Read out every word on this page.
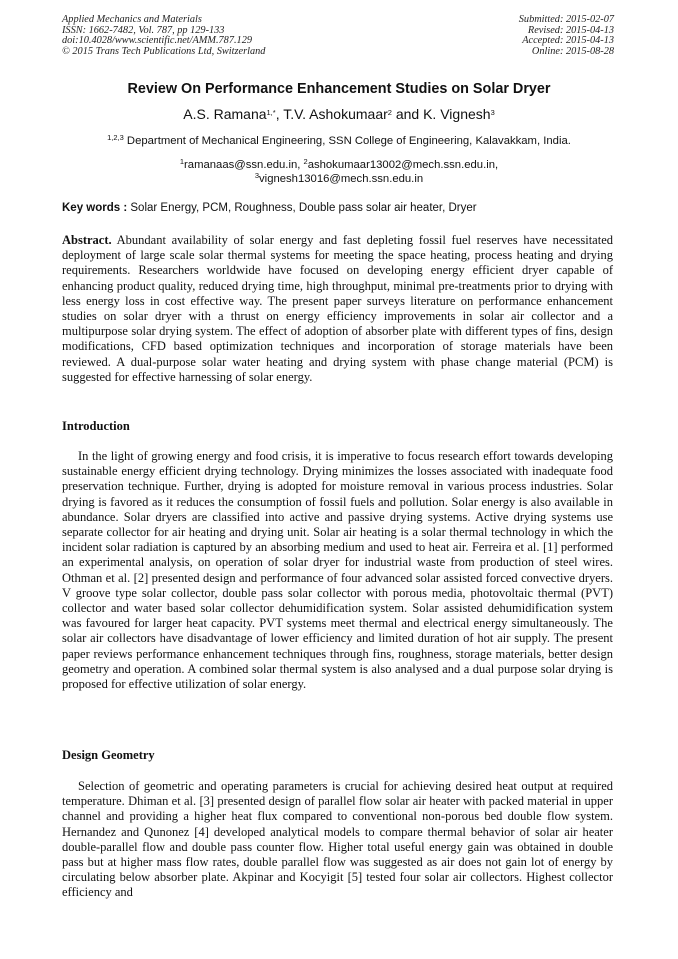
Applied Mechanics and Materials
ISSN: 1662-7482, Vol. 787, pp 129-133
doi:10.4028/www.scientific.net/AMM.787.129
© 2015 Trans Tech Publications Ltd, Switzerland
Submitted: 2015-02-07
Revised: 2015-04-13
Accepted: 2015-04-13
Online: 2015-08-28
Review On Performance Enhancement Studies on Solar Dryer
A.S. Ramana$^{1,*}$, T.V. Ashokumaar$^2$ and K. Vignesh$^3$
$^{1,2,3}$ Department of Mechanical Engineering, SSN College of Engineering, Kalavakkam, India.
$^1$ramanaas@ssn.edu.in, $^2$ashokumaar13002@mech.ssn.edu.in,
$^3$vignesh13016@mech.ssn.edu.in
Key words : Solar Energy, PCM, Roughness, Double pass solar air heater, Dryer
Abstract. Abundant availability of solar energy and fast depleting fossil fuel reserves have necessitated deployment of large scale solar thermal systems for meeting the space heating, process heating and drying requirements. Researchers worldwide have focused on developing energy efficient dryer capable of enhancing product quality, reduced drying time, high throughput, minimal pre-treatments prior to drying with less energy loss in cost effective way. The present paper surveys literature on performance enhancement studies on solar dryer with a thrust on energy efficiency improvements in solar air collector and a multipurpose solar drying system. The effect of adoption of absorber plate with different types of fins, design modifications, CFD based optimization techniques and incorporation of storage materials have been reviewed. A dual-purpose solar water heating and drying system with phase change material (PCM) is suggested for effective harnessing of solar energy.
Introduction
In the light of growing energy and food crisis, it is imperative to focus research effort towards developing sustainable energy efficient drying technology. Drying minimizes the losses associated with inadequate food preservation technique. Further, drying is adopted for moisture removal in various process industries. Solar drying is favored as it reduces the consumption of fossil fuels and pollution. Solar energy is also available in abundance. Solar dryers are classified into active and passive drying systems. Active drying systems use separate collector for air heating and drying unit. Solar air heating is a solar thermal technology in which the incident solar radiation is captured by an absorbing medium and used to heat air. Ferreira et al. [1] performed an experimental analysis, on operation of solar dryer for industrial waste from production of steel wires. Othman et al. [2] presented design and performance of four advanced solar assisted forced convective dryers. V groove type solar collector, double pass solar collector with porous media, photovoltaic thermal (PVT) collector and water based solar collector dehumidification system. Solar assisted dehumidification system was favoured for larger heat capacity. PVT systems meet thermal and electrical energy simultaneously. The solar air collectors have disadvantage of lower efficiency and limited duration of hot air supply. The present paper reviews performance enhancement techniques through fins, roughness, storage materials, better design geometry and operation. A combined solar thermal system is also analysed and a dual purpose solar drying is proposed for effective utilization of solar energy.
Design Geometry
Selection of geometric and operating parameters is crucial for achieving desired heat output at required temperature. Dhiman et al. [3] presented design of parallel flow solar air heater with packed material in upper channel and providing a higher heat flux compared to conventional non-porous bed double flow system. Hernandez and Qunonez [4] developed analytical models to compare thermal behavior of solar air heater double-parallel flow and double pass counter flow. Higher total useful energy gain was obtained in double pass but at higher mass flow rates, double parallel flow was suggested as air does not gain lot of energy by circulating below absorber plate. Akpinar and Kocyigit [5] tested four solar air collectors. Highest collector efficiency and
